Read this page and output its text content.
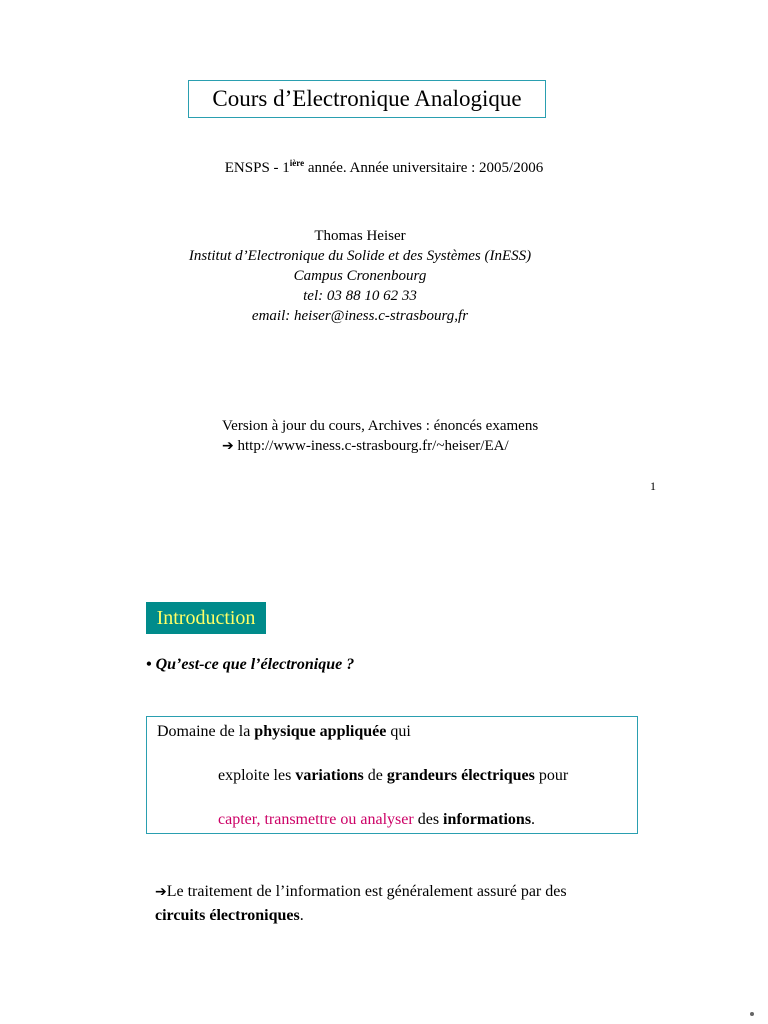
Cours d’Electronique Analogique
ENSPS - $1^{ière}$ année. Année universitaire : 2005/2006
Thomas Heiser
Institut d’Electronique du Solide et des Systèmes (InESS)
Campus Cronenbourg
tel: 03 88 10 62 33
email: heiser@iness.c-strasbourg,fr
Version à jour du cours, Archives : énoncés examens
➔ http://www-iness.c-strasbourg.fr/~heiser/EA/
1
Introduction
• Qu’est-ce que l’électronique ?
Domaine de la physique appliquée qui
exploite les variations de grandeurs électriques pour
capter, transmettre ou analyser des informations.
➔Le traitement de l’information est généralement assuré par des
circuits électroniques.
